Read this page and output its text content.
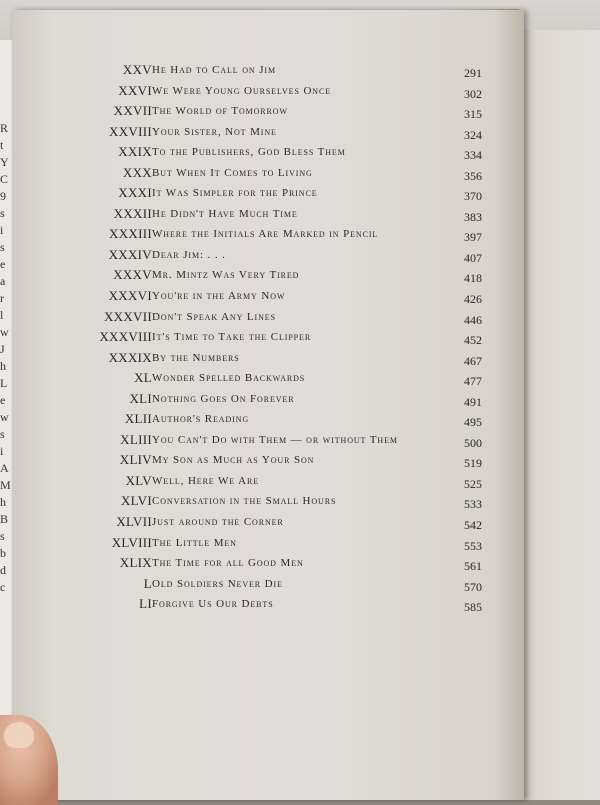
R
t
Y
C
9
s
i
s
e
a
r
l
w
J
h
L
e
w
s
i
A
M
h
B
s
b
d
c
XXV He Had to Call on Jim	291
XXVI We Were Young Ourselves Once	302
XXVII The World of Tomorrow	315
XXVIII Your Sister, Not Mine	324
XXIX To the Publishers, God Bless Them	334
XXX But When It Comes to Living	356
XXXI It Was Simpler for the Prince	370
XXXII He Didn't Have Much Time	383
XXXIII Where the Initials Are Marked in Pencil	397
XXXIV Dear Jim: . . .	407
XXXV Mr. Mintz Was Very Tired	418
XXXVI You're in the Army Now	426
XXXVII Don't Speak Any Lines	446
XXXVIII It's Time to Take the Clipper	452
XXXIX By the Numbers	467
XL Wonder Spelled Backwards	477
XLI Nothing Goes On Forever	491
XLII Author's Reading	495
XLIII You Can't Do with Them — or without Them	500
XLIV My Son as Much as Your Son	519
XLV Well, Here We Are	525
XLVI Conversation in the Small Hours	533
XLVII Just around the Corner	542
XLVIII The Little Men	553
XLIX The Time for all Good Men	561
L Old Soldiers Never Die	570
LI Forgive Us Our Debts	585
